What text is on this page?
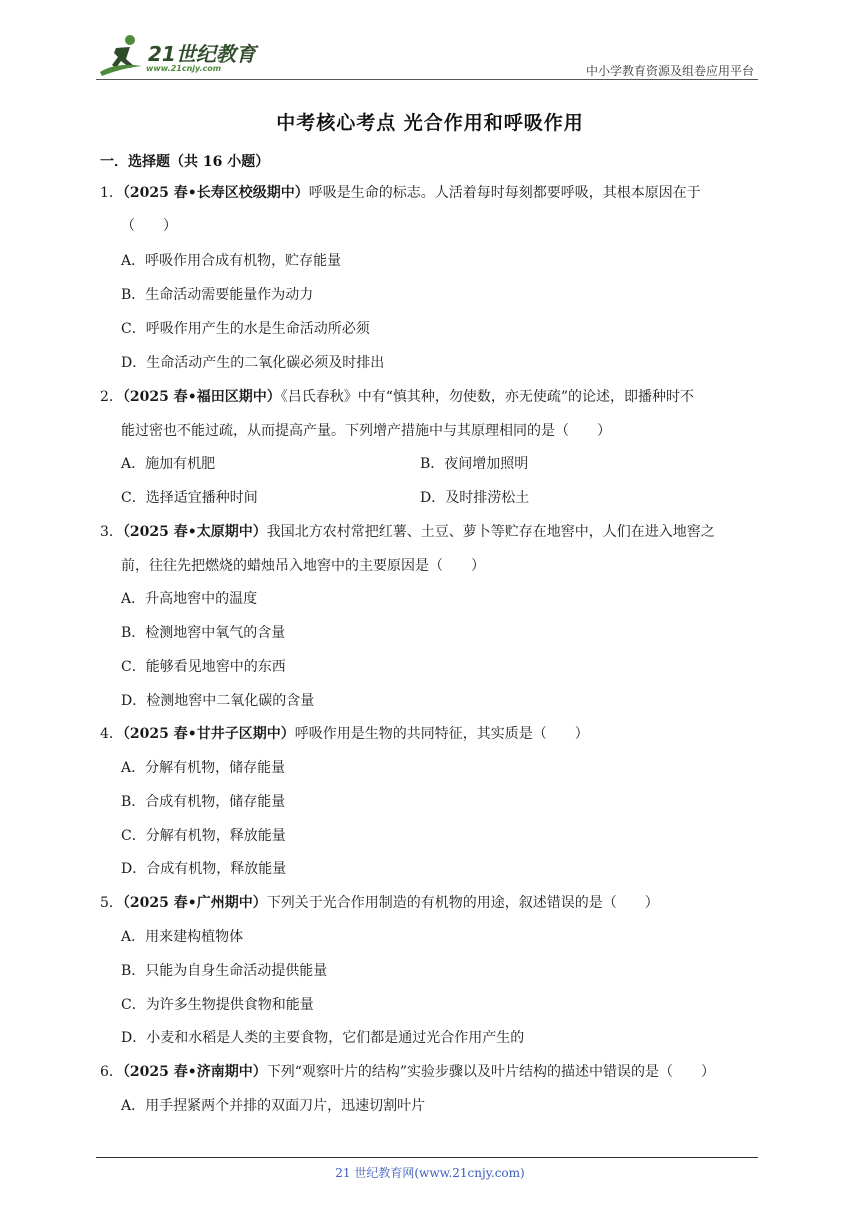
21世纪教育
www.21cnjy.com	中小学教育资源及组卷应用平台
中考核心考点 光合作用和呼吸作用
一．选择题（共 16 小题）
1．（2025 春•长寿区校级期中）呼吸是生命的标志。人活着每时每刻都要呼吸，其根本原因在于
（　　）
A．呼吸作用合成有机物，贮存能量
B．生命活动需要能量作为动力
C．呼吸作用产生的水是生命活动所必须
D．生命活动产生的二氧化碳必须及时排出
2．（2025 春•福田区期中）《吕氏春秋》中有“慎其种，勿使数，亦无使疏”的论述，即播种时不
能过密也不能过疏，从而提高产量。下列增产措施中与其原理相同的是（　　）
A．施加有机肥	B．夜间增加照明
C．选择适宜播种时间	D．及时排涝松土
3．（2025 春•太原期中）我国北方农村常把红薯、土豆、萝卜等贮存在地窖中，人们在进入地窖之
前，往往先把燃烧的蜡烛吊入地窖中的主要原因是（　　）
A．升高地窖中的温度
B．检测地窖中氧气的含量
C．能够看见地窖中的东西
D．检测地窖中二氧化碳的含量
4．（2025 春•甘井子区期中）呼吸作用是生物的共同特征，其实质是（　　）
A．分解有机物，储存能量
B．合成有机物，储存能量
C．分解有机物，释放能量
D．合成有机物，释放能量
5．（2025 春•广州期中）下列关于光合作用制造的有机物的用途，叙述错误的是（　　）
A．用来建构植物体
B．只能为自身生命活动提供能量
C．为许多生物提供食物和能量
D．小麦和水稻是人类的主要食物，它们都是通过光合作用产生的
6．（2025 春•济南期中）下列“观察叶片的结构”实验步骤以及叶片结构的描述中错误的是（　　）
A．用手捏紧两个并排的双面刀片，迅速切割叶片
21 世纪教育网(www.21cnjy.com)
